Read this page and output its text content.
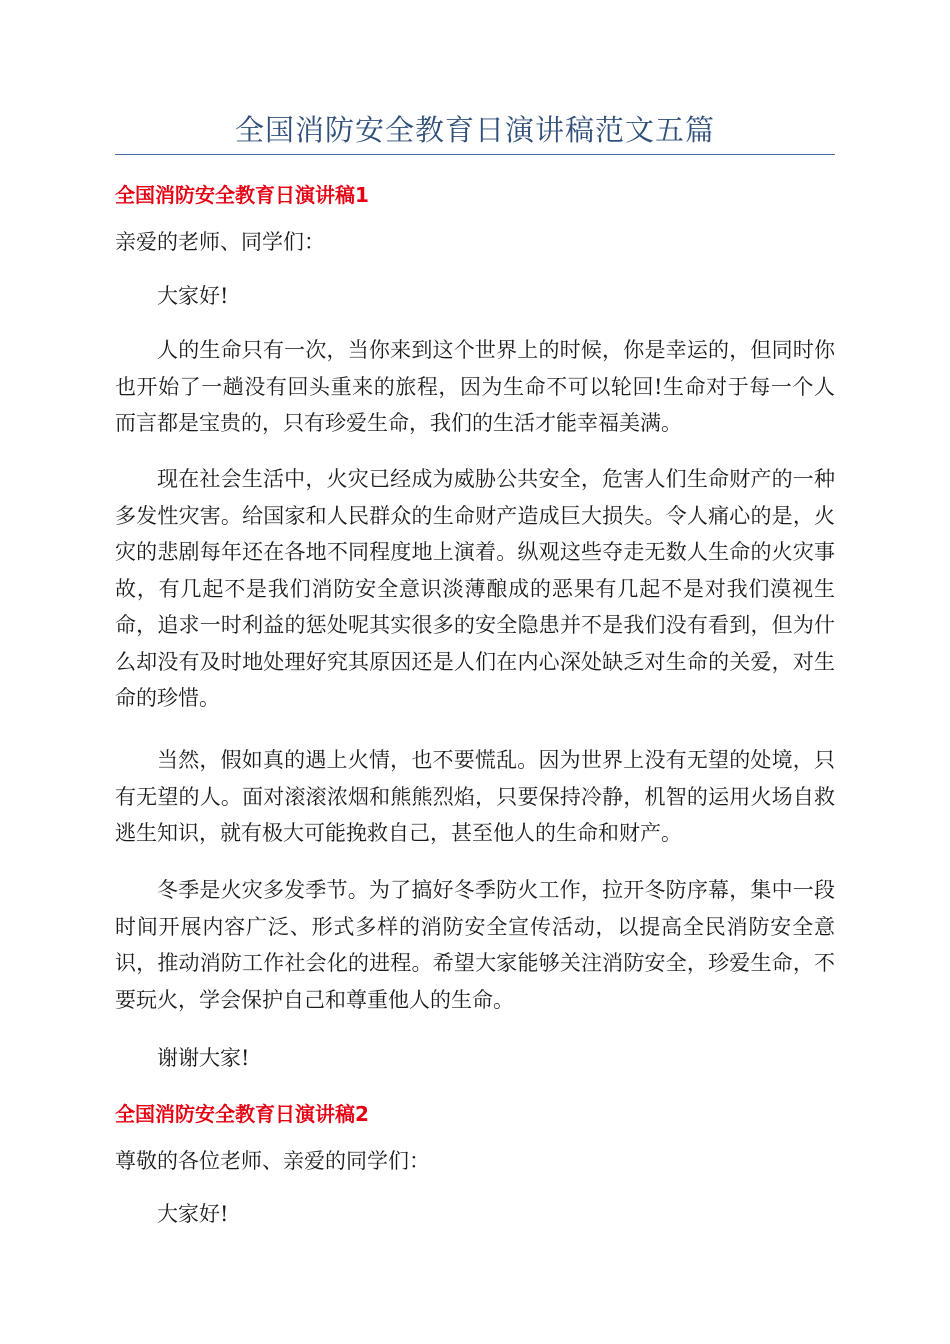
全国消防安全教育日演讲稿范文五篇
全国消防安全教育日演讲稿1
亲爱的老师、同学们：
大家好!
人的生命只有一次，当你来到这个世界上的时候，你是幸运的，但同时你也开始了一趟没有回头重来的旅程，因为生命不可以轮回!生命对于每一个人而言都是宝贵的，只有珍爱生命，我们的生活才能幸福美满。
现在社会生活中，火灾已经成为威胁公共安全，危害人们生命财产的一种多发性灾害。给国家和人民群众的生命财产造成巨大损失。令人痛心的是，火灾的悲剧每年还在各地不同程度地上演着。纵观这些夺走无数人生命的火灾事故，有几起不是我们消防安全意识淡薄酿成的恶果有几起不是对我们漠视生命，追求一时利益的惩处呢其实很多的安全隐患并不是我们没有看到，但为什么却没有及时地处理好究其原因还是人们在内心深处缺乏对生命的关爱，对生命的珍惜。
当然，假如真的遇上火情，也不要慌乱。因为世界上没有无望的处境，只有无望的人。面对滚滚浓烟和熊熊烈焰，只要保持冷静，机智的运用火场自救逃生知识，就有极大可能挽救自己，甚至他人的生命和财产。
冬季是火灾多发季节。为了搞好冬季防火工作，拉开冬防序幕，集中一段时间开展内容广泛、形式多样的消防安全宣传活动，以提高全民消防安全意识，推动消防工作社会化的进程。希望大家能够关注消防安全，珍爱生命，不要玩火，学会保护自己和尊重他人的生命。
谢谢大家!
全国消防安全教育日演讲稿2
尊敬的各位老师、亲爱的同学们：
大家好!
